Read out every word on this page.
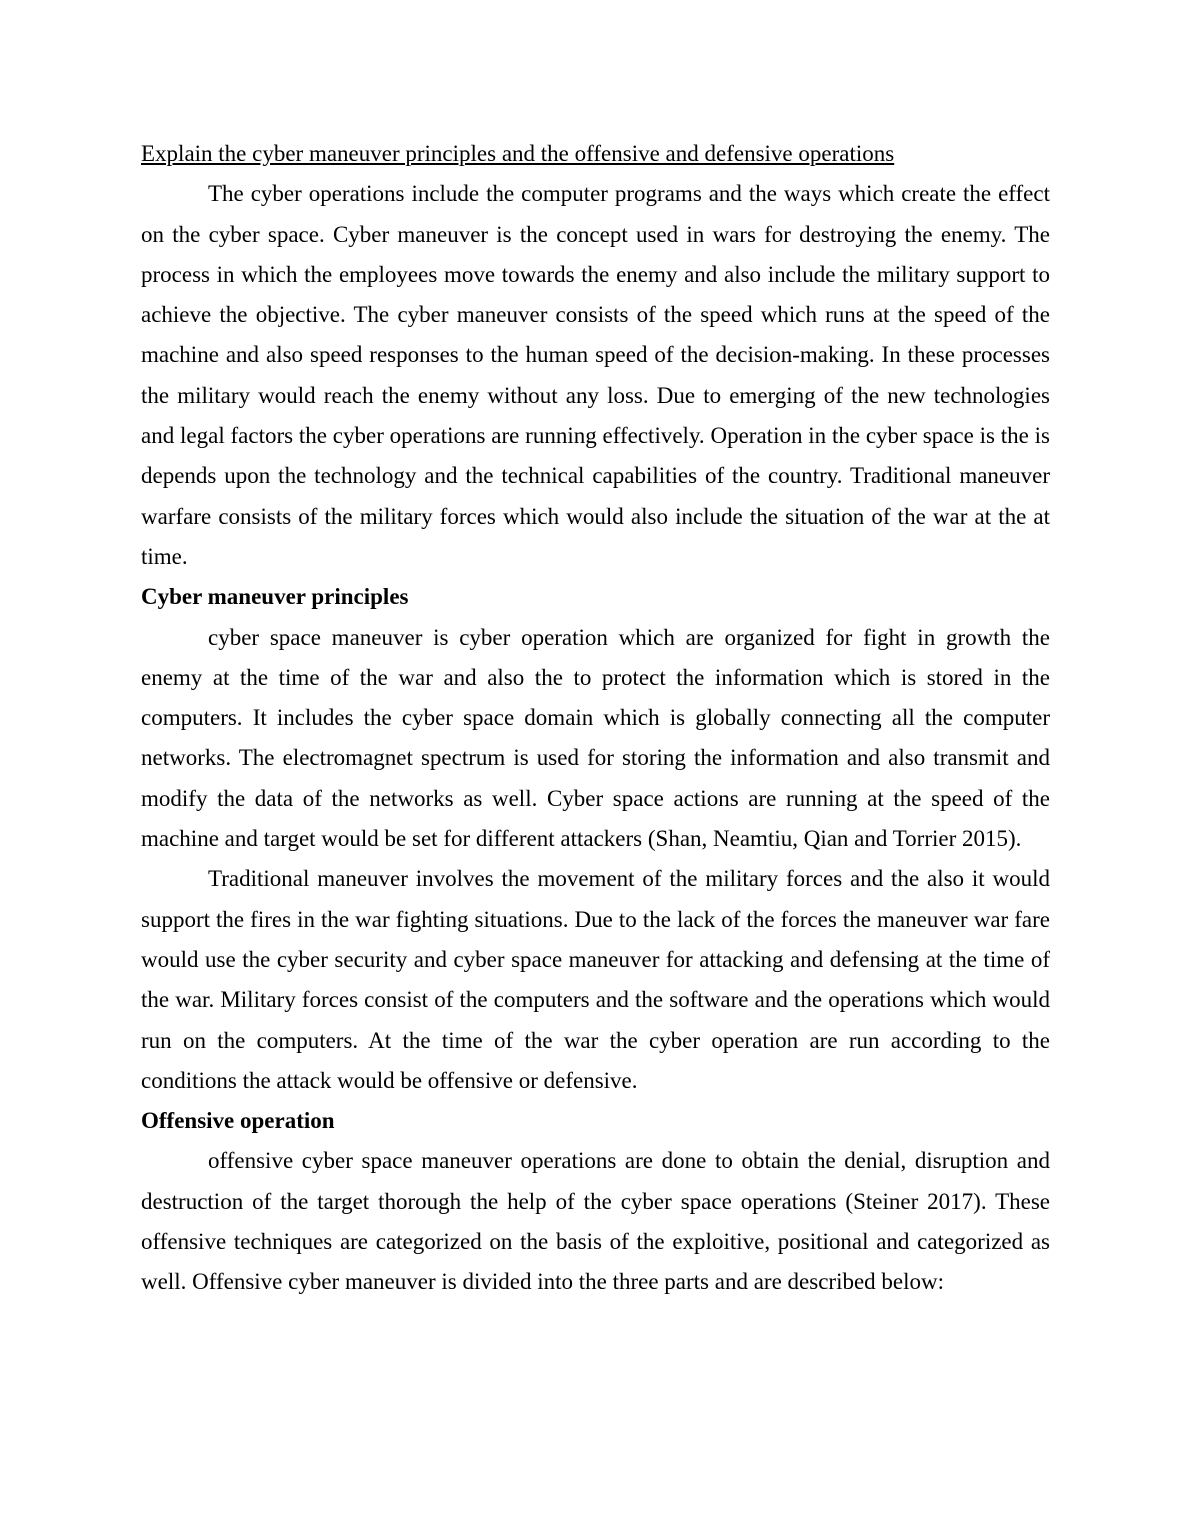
Explain the cyber maneuver principles and the offensive and defensive operations

The cyber operations include the computer programs and the ways which create the effect on the cyber space. Cyber maneuver is the concept used in wars for destroying the enemy. The process in which the employees move towards the enemy and also include the military support to achieve the objective. The cyber maneuver consists of the speed which runs at the speed of the machine and also speed responses to the human speed of the decision-making. In these processes the military would reach the enemy without any loss. Due to emerging of the new technologies and legal factors the cyber operations are running effectively. Operation in the cyber space is the is depends upon the technology and the technical capabilities of the country. Traditional maneuver warfare consists of the military forces which would also include the situation of the war at the at time.

Cyber maneuver principles

cyber space maneuver is cyber operation which are organized for fight in growth the enemy at the time of the war and also the to protect the information which is stored in the computers. It includes the cyber space domain which is globally connecting all the computer networks. The electromagnet spectrum is used for storing the information and also transmit and modify the data of the networks as well. Cyber space actions are running at the speed of the machine and target would be set for different attackers (Shan, Neamtiu, Qian and Torrier 2015).

Traditional maneuver involves the movement of the military forces and the also it would support the fires in the war fighting situations. Due to the lack of the forces the maneuver war fare would use the cyber security and cyber space maneuver for attacking and defensing at the time of the war. Military forces consist of the computers and the software and the operations which would run on the computers. At the time of the war the cyber operation are run according to the conditions the attack would be offensive or defensive.

Offensive operation

offensive cyber space maneuver operations are done to obtain the denial, disruption and destruction of the target thorough the help of the cyber space operations (Steiner 2017). These offensive techniques are categorized on the basis of the exploitive, positional and categorized as well. Offensive cyber maneuver is divided into the three parts and are described below:
